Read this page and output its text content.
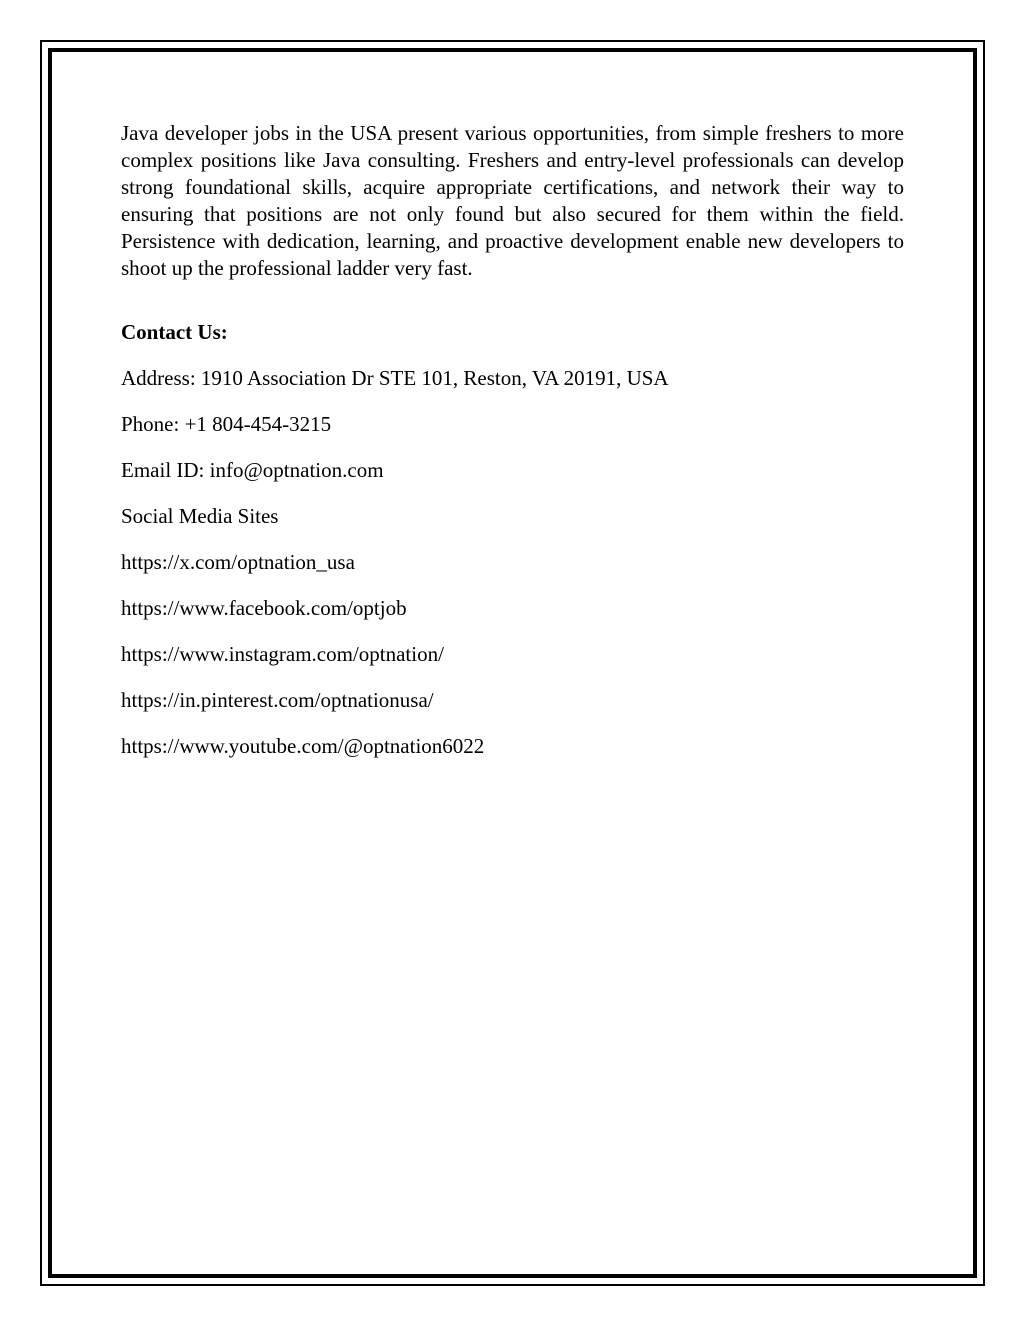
Java developer jobs in the USA present various opportunities, from simple freshers to more complex positions like Java consulting. Freshers and entry-level professionals can develop strong foundational skills, acquire appropriate certifications, and network their way to ensuring that positions are not only found but also secured for them within the field. Persistence with dedication, learning, and proactive development enable new developers to shoot up the professional ladder very fast.

Contact Us:

Address: 1910 Association Dr STE 101, Reston, VA 20191, USA

Phone: +1 804-454-3215

Email ID: info@optnation.com

Social Media Sites

https://x.com/optnation_usa

https://www.facebook.com/optjob

https://www.instagram.com/optnation/

https://in.pinterest.com/optnationusa/

https://www.youtube.com/@optnation6022
